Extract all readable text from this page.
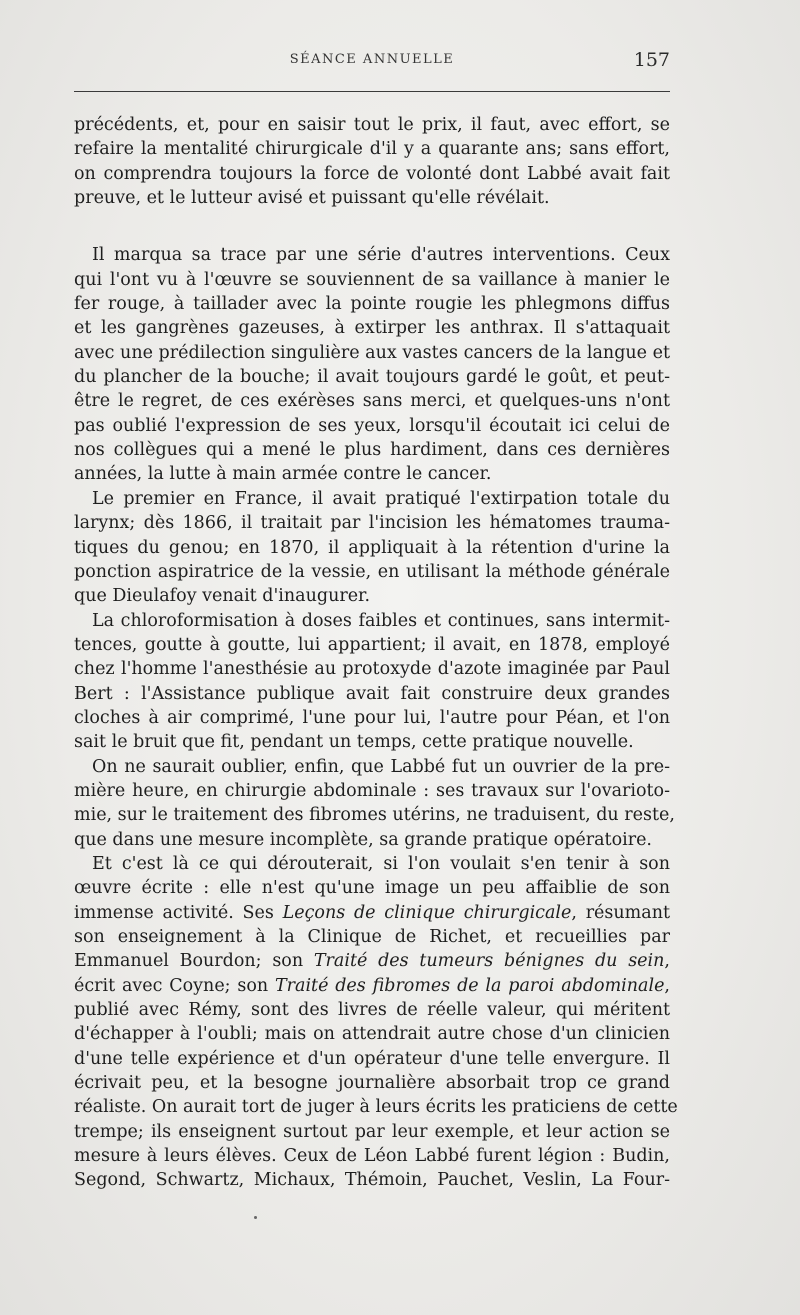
SÉANCE ANNUELLE	157
précédents, et, pour en saisir tout le prix, il faut, avec effort, se
refaire la mentalité chirurgicale d'il y a quarante ans; sans effort,
on comprendra toujours la force de volonté dont Labbé avait fait
preuve, et le lutteur avisé et puissant qu'elle révélait.
Il marqua sa trace par une série d'autres interventions. Ceux
qui l'ont vu à l'œuvre se souviennent de sa vaillance à manier le
fer rouge, à taillader avec la pointe rougie les phlegmons diffus
et les gangrènes gazeuses, à extirper les anthrax. Il s'attaquait
avec une prédilection singulière aux vastes cancers de la langue et
du plancher de la bouche; il avait toujours gardé le goût, et peut-
être le regret, de ces exérèses sans merci, et quelques-uns n'ont
pas oublié l'expression de ses yeux, lorsqu'il écoutait ici celui de
nos collègues qui a mené le plus hardiment, dans ces dernières
années, la lutte à main armée contre le cancer.
Le premier en France, il avait pratiqué l'extirpation totale du
larynx; dès 1866, il traitait par l'incision les hématomes trauma-
tiques du genou; en 1870, il appliquait à la rétention d'urine la
ponction aspiratrice de la vessie, en utilisant la méthode générale
que Dieulafoy venait d'inaugurer.
La chloroformisation à doses faibles et continues, sans intermit-
tences, goutte à goutte, lui appartient; il avait, en 1878, employé
chez l'homme l'anesthésie au protoxyde d'azote imaginée par Paul
Bert : l'Assistance publique avait fait construire deux grandes
cloches à air comprimé, l'une pour lui, l'autre pour Péan, et l'on
sait le bruit que fit, pendant un temps, cette pratique nouvelle.
On ne saurait oublier, enfin, que Labbé fut un ouvrier de la pre-
mière heure, en chirurgie abdominale : ses travaux sur l'ovarioto-
mie, sur le traitement des fibromes utérins, ne traduisent, du reste,
que dans une mesure incomplète, sa grande pratique opératoire.
Et c'est là ce qui dérouterait, si l'on voulait s'en tenir à son
œuvre écrite : elle n'est qu'une image un peu affaiblie de son
immense activité. Ses Leçons de clinique chirurgicale, résumant
son enseignement à la Clinique de Richet, et recueillies par
Emmanuel Bourdon; son Traité des tumeurs bénignes du sein,
écrit avec Coyne; son Traité des fibromes de la paroi abdominale,
publié avec Rémy, sont des livres de réelle valeur, qui méritent
d'échapper à l'oubli; mais on attendrait autre chose d'un clinicien
d'une telle expérience et d'un opérateur d'une telle envergure. Il
écrivait peu, et la besogne journalière absorbait trop ce grand
réaliste. On aurait tort de juger à leurs écrits les praticiens de cette
trempe; ils enseignent surtout par leur exemple, et leur action se
mesure à leurs élèves. Ceux de Léon Labbé furent légion : Budin,
Segond, Schwartz, Michaux, Thémoin, Pauchet, Veslin, La Four-
